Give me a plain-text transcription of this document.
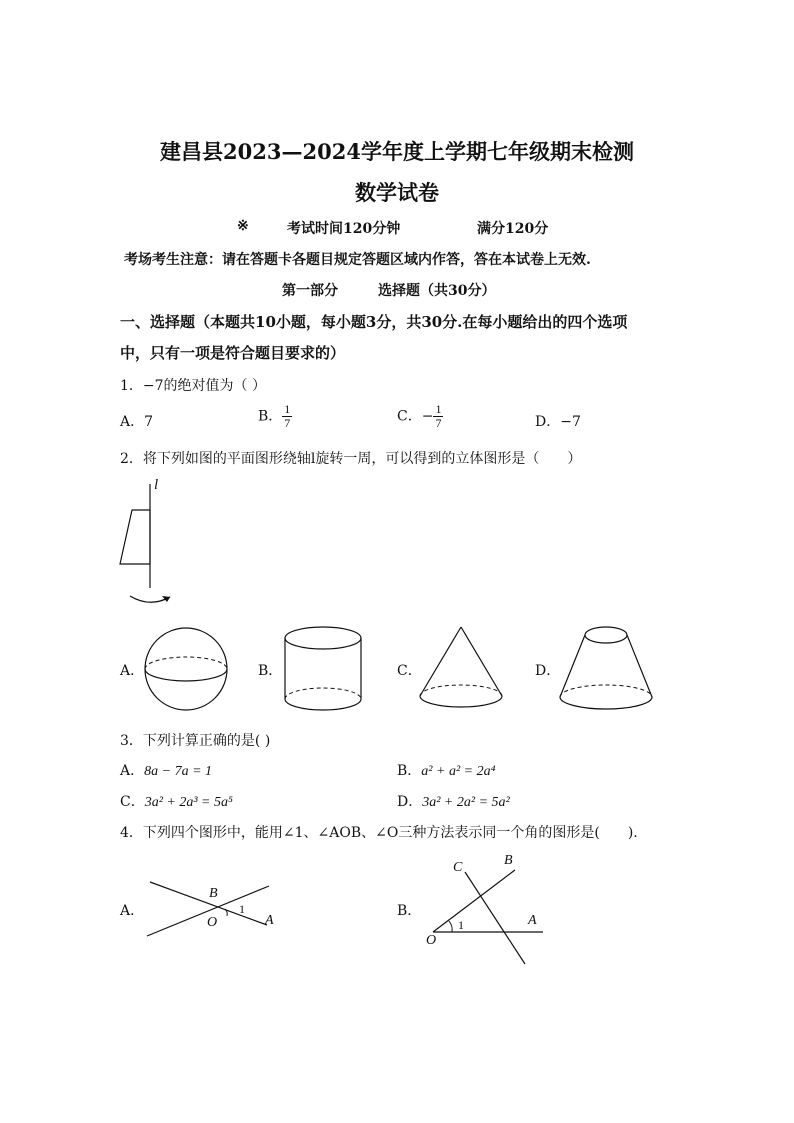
建昌县2023—2024学年度上学期七年级期末检测
数学试卷
※	考试时间120分钟	满分120分
考场考生注意：请在答题卡各题目规定答题区域内作答，答在本试卷上无效.
第一部分	选择题（共30分）
一、选择题（本题共10小题，每小题3分，共30分.在每小题给出的四个选项
中，只有一项是符合题目要求的）
1．−7的绝对值为（ ）
A．7	B． $\frac{1}{7}$	C．− $\frac{1}{7}$	D．−7
2．将下列如图的平面图形绕轴l旋转一周，可以得到的立体图形是（　　）
l
A．	B．	C．	D．
3．下列计算正确的是( )
A．8a − 7a = 1	B．a² + a² = 2a⁴
C．3a² + 2a³ = 5a⁵	D．3a² + 2a² = 5a²
4．下列四个图形中，能用∠1、∠AOB、∠O三种方法表示同一个角的图形是(　　).
A．
B
O
1
A
B．
C	B
O
1	A
